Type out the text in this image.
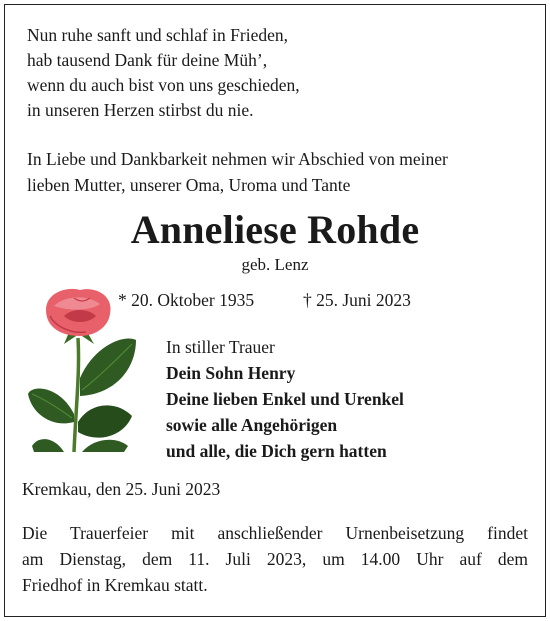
Nun ruhe sanft und schlaf in Frieden,
hab tausend Dank für deine Müh’,
wenn du auch bist von uns geschieden,
in unseren Herzen stirbst du nie.
In Liebe und Dankbarkeit nehmen wir Abschied von meiner
lieben Mutter, unserer Oma, Uroma und Tante
Anneliese Rohde
geb. Lenz
* 20. Oktober 1935	† 25. Juni 2023
In stiller Trauer
Dein Sohn Henry
Deine lieben Enkel und Urenkel
sowie alle Angehörigen
und alle, die Dich gern hatten
Kremkau, den 25. Juni 2023
Die Trauerfeier mit anschließender Urnenbeisetzung findet
am Dienstag, dem 11. Juli 2023, um 14.00 Uhr auf dem
Friedhof in Kremkau statt.
